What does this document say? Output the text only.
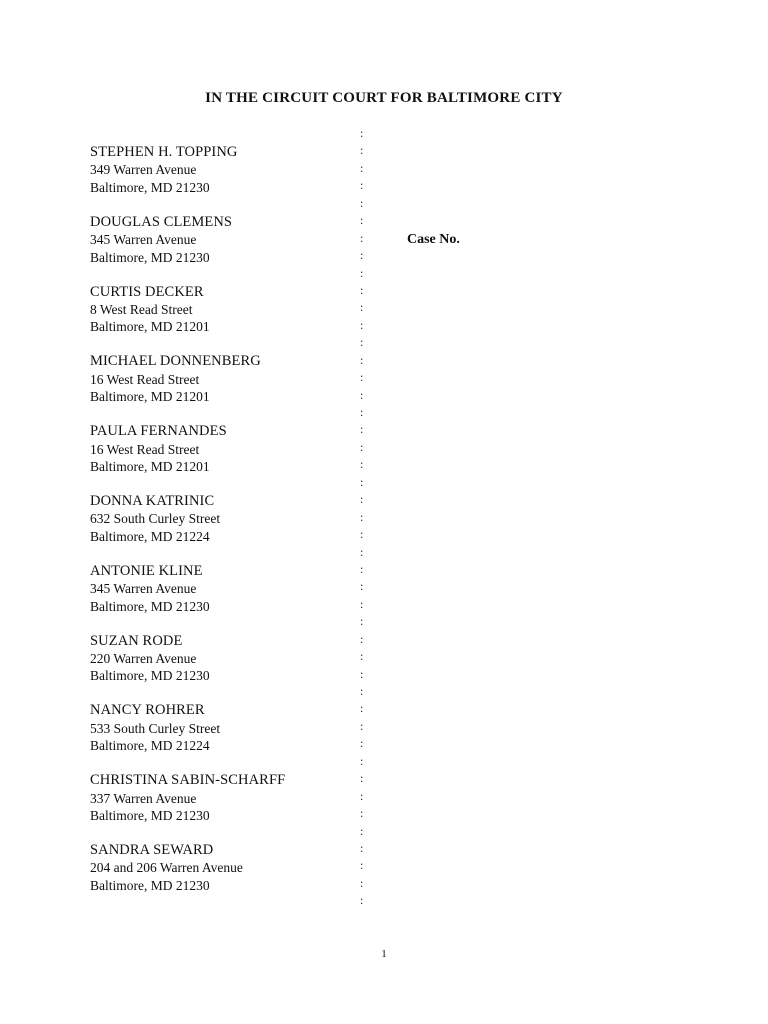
IN THE CIRCUIT COURT FOR BALTIMORE CITY
STEPHEN H. TOPPING
349 Warren Avenue
Baltimore, MD 21230
DOUGLAS CLEMENS
345 Warren Avenue
Baltimore, MD 21230
CURTIS DECKER
8 West Read Street
Baltimore, MD 21201
MICHAEL DONNENBERG
16 West Read Street
Baltimore, MD 21201
PAULA FERNANDES
16 West Read Street
Baltimore, MD 21201
DONNA KATRINIC
632 South Curley Street
Baltimore, MD 21224
ANTONIE KLINE
345 Warren Avenue
Baltimore, MD 21230
SUZAN RODE
220 Warren Avenue
Baltimore, MD 21230
NANCY ROHRER
533 South Curley Street
Baltimore, MD 21224
CHRISTINA SABIN-SCHARFF
337 Warren Avenue
Baltimore, MD 21230
SANDRA SEWARD
204 and 206 Warren Avenue
Baltimore, MD 21230
:
:
:
:
:
:
:
:
:
:
:
:
:
:
:
:
:
:
:
:
:
:
:
:
:
:
:
:
:
:
:
:
:
:
:
:
:
:
:
:
:
:
:
:
:
Case No.
1
